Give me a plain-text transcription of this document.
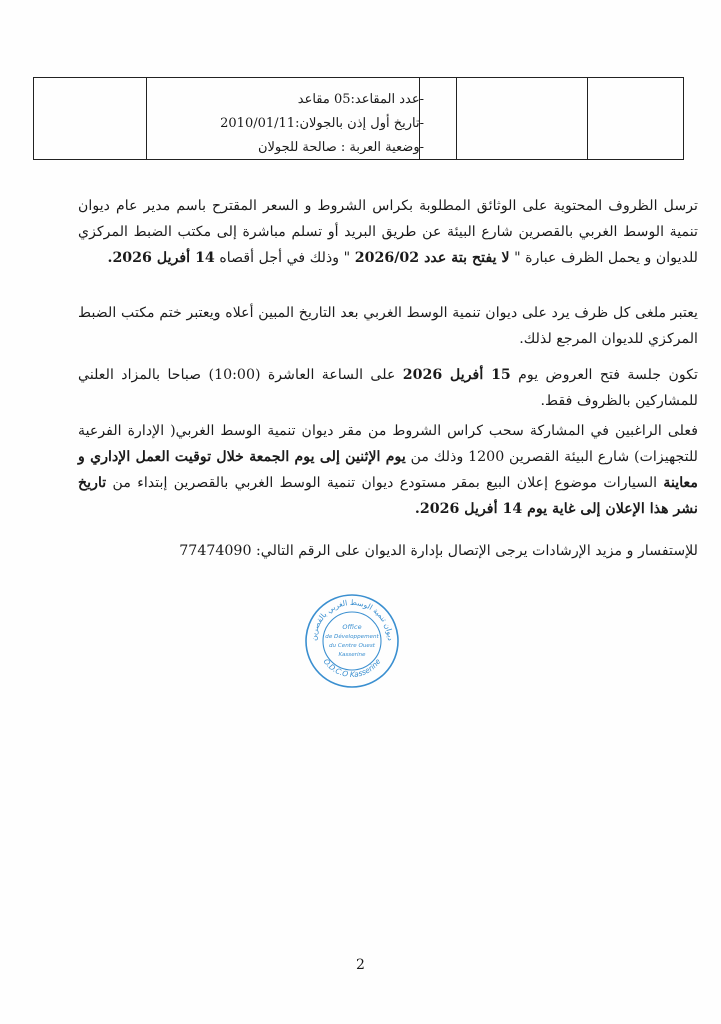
-عدد المقاعد:05 مقاعد
-تاريخ أول إذن بالجولان:2010/01/11
-وضعية العربة : صالحة للجولان

ترسل الظروف المحتوية على الوثائق المطلوبة بكراس الشروط و السعر المقترح باسم مدير عام ديوان تنمية الوسط الغربي بالقصرين شارع البيئة عن طريق البريد أو تسلم مباشرة إلى مكتب الضبط المركزي للديوان و يحمل الظرف عبارة " لا يفتح بتة عدد 2026/02 " وذلك في أجل أقصاه 14 أفريل 2026.

يعتبر ملغى كل ظرف يرد على ديوان تنمية الوسط الغربي بعد التاريخ المبين أعلاه ويعتبر ختم مكتب الضبط المركزي للديوان المرجع لذلك.

تكون جلسة فتح العروض يوم 15 أفريل 2026 على الساعة العاشرة (10:00) صباحا بالمزاد العلني للمشاركين بالظروف فقط.

فعلى الراغبين في المشاركة سحب كراس الشروط من مقر ديوان تنمية الوسط الغربي( الإدارة الفرعية للتجهيزات) شارع البيئة القصرين 1200 وذلك من يوم الإثنين إلى يوم الجمعة خلال توقيت العمل الإداري و معاينة السيارات موضوع إعلان البيع بمقر مستودع ديوان تنمية الوسط الغربي بالقصرين إبتداء من تاريخ نشر هذا الإعلان إلى غاية يوم 14 أفريل 2026.

للإستفسار و مزيد الإرشادات يرجى الإتصال بإدارة الديوان على الرقم التالي: 77474090
ديوان تنمية الوسط الغربي بالقصرين
O.D.C.O Kasserine
Office
de Développement
du Centre Ouest
Kasserine
2
